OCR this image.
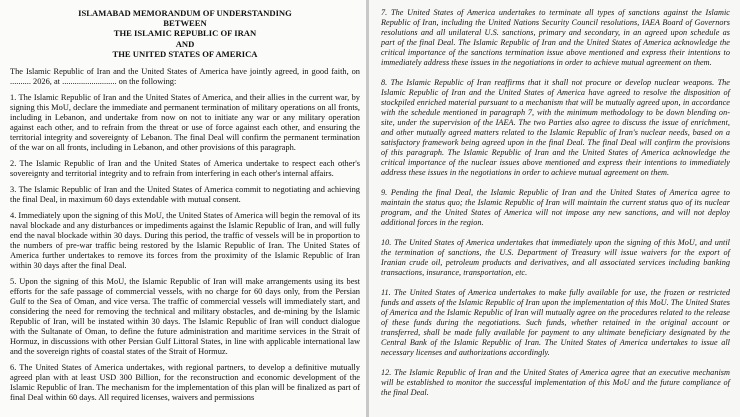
ISLAMABAD MEMORANDUM OF UNDERSTANDING
BETWEEN
THE ISLAMIC REPUBLIC OF IRAN
AND
THE UNITED STATES OF AMERICA

The Islamic Republic of Iran and the United States of America have jointly agreed, in good faith, on .......... 2026, at .......................... on the following:

1. The Islamic Republic of Iran and the United States of America, and their allies in the current war, by signing this MoU, declare the immediate and permanent termination of military operations on all fronts, including in Lebanon, and undertake from now on not to initiate any war or any military operation against each other, and to refrain from the threat or use of force against each other, and ensuring the territorial integrity and sovereignty of Lebanon. The final Deal will confirm the permanent termination of the war on all fronts, including in Lebanon, and other provisions of this paragraph.

2. The Islamic Republic of Iran and the United States of America undertake to respect each other's sovereignty and territorial integrity and to refrain from interfering in each other's internal affairs.

3. The Islamic Republic of Iran and the United States of America commit to negotiating and achieving the final Deal, in maximum 60 days extendable with mutual consent.

4. Immediately upon the signing of this MoU, the United States of America will begin the removal of its naval blockade and any disturbances or impediments against the Islamic Republic of Iran, and will fully end the naval blockade within 30 days. During this period, the traffic of vessels will be in proportion to the numbers of pre-war traffic being restored by the Islamic Republic of Iran. The United States of America further undertakes to remove its forces from the proximity of the Islamic Republic of Iran within 30 days after the final Deal.

5. Upon the signing of this MoU, the Islamic Republic of Iran will make arrangements using its best efforts for the safe passage of commercial vessels, with no charge for 60 days only, from the Persian Gulf to the Sea of Oman, and vice versa. The traffic of commercial vessels will immediately start, and considering the need for removing the technical and military obstacles, and de-mining by the Islamic Republic of Iran, will be instated within 30 days. The Islamic Republic of Iran will conduct dialogue with the Sultanate of Oman, to define the future administration and maritime services in the Strait of Hormuz, in discussions with other Persian Gulf Littoral States, in line with applicable international law and the sovereign rights of coastal states of the Strait of Hormuz.

6. The United States of America undertakes, with regional partners, to develop a definitive mutually agreed plan with at least USD 300 Billion, for the reconstruction and economic development of the Islamic Republic of Iran. The mechanism for the implementation of this plan will be finalized as part of final Deal within 60 days. All required licenses, waivers and permissions

7. The United States of America undertakes to terminate all types of sanctions against the Islamic Republic of Iran, including the United Nations Security Council resolutions, IAEA Board of Governors resolutions and all unilateral U.S. sanctions, primary and secondary, in an agreed upon schedule as part of the final Deal. The Islamic Republic of Iran and the United States of America acknowledge the critical importance of the sanctions termination issue above mentioned and express their intentions to immediately address these issues in the negotiations in order to achieve mutual agreement on them.

8. The Islamic Republic of Iran reaffirms that it shall not procure or develop nuclear weapons. The Islamic Republic of Iran and the United States of America have agreed to resolve the disposition of stockpiled enriched material pursuant to a mechanism that will be mutually agreed upon, in accordance with the schedule mentioned in paragraph 7, with the minimum methodology to be down blending on-site, under the supervision of the IAEA. The two Parties also agree to discuss the issue of enrichment, and other mutually agreed matters related to the Islamic Republic of Iran's nuclear needs, based on a satisfactory framework being agreed upon in the final Deal. The final Deal will confirm the provisions of this paragraph. The Islamic Republic of Iran and the United States of America acknowledge the critical importance of the nuclear issues above mentioned and express their intentions to immediately address these issues in the negotiations in order to achieve mutual agreement on them.

9. Pending the final Deal, the Islamic Republic of Iran and the United States of America agree to maintain the status quo; the Islamic Republic of Iran will maintain the current status quo of its nuclear program, and the United States of America will not impose any new sanctions, and will not deploy additional forces in the region.

10. The United States of America undertakes that immediately upon the signing of this MoU, and until the termination of sanctions, the U.S. Department of Treasury will issue waivers for the export of Iranian crude oil, petroleum products and derivatives, and all associated services including banking transactions, insurance, transportation, etc.

11. The United States of America undertakes to make fully available for use, the frozen or restricted funds and assets of the Islamic Republic of Iran upon the implementation of this MoU. The United States of America and the Islamic Republic of Iran will mutually agree on the procedures related to the release of these funds during the negotiations. Such funds, whether retained in the original account or transferred, shall be made fully available for payment to any ultimate beneficiary designated by the Central Bank of the Islamic Republic of Iran. The United States of America undertakes to issue all necessary licenses and authorizations accordingly.

12. The Islamic Republic of Iran and the United States of America agree that an executive mechanism will be established to monitor the successful implementation of this MoU and the future compliance of the final Deal.
